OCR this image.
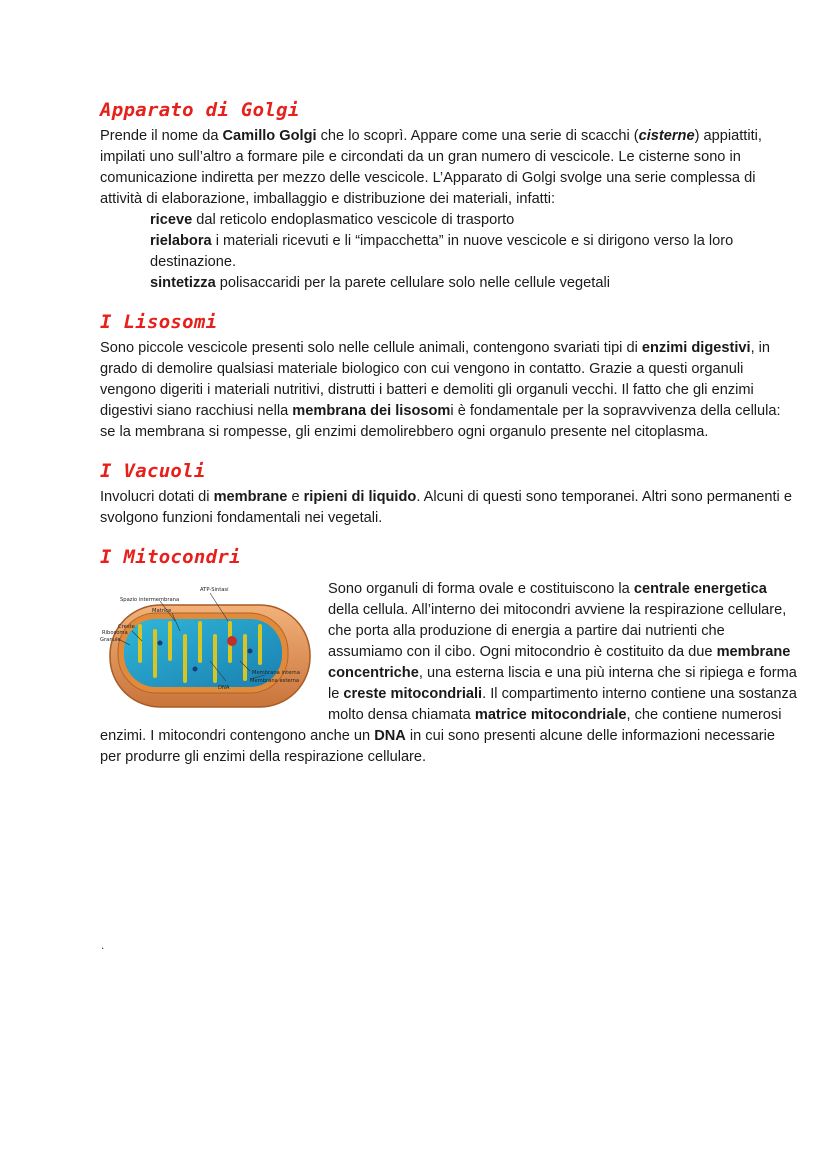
Apparato di Golgi

Prende il nome da Camillo Golgi che lo scoprì. Appare come una serie di scacchi (cisterne) appiattiti, impilati uno sull’altro a formare pile e circondati da un gran numero di vescicole. Le cisterne sono in comunicazione indiretta per mezzo delle vescicole. L’Apparato di Golgi svolge una serie complessa di attività di elaborazione, imballaggio e distribuzione dei materiali, infatti:

riceve dal reticolo endoplasmatico vescicole di trasporto
rielabora i materiali ricevuti e li “impacchetta” in nuove vescicole e si dirigono verso la loro destinazione.
sintetizza polisaccaridi per la parete cellulare solo nelle cellule vegetali
I Lisosomi

Sono piccole vescicole presenti solo nelle cellule animali, contengono svariati tipi di enzimi digestivi, in grado di demolire qualsiasi materiale biologico con cui vengono in contatto. Grazie a questi organuli vengono digeriti i materiali nutritivi, distrutti i batteri e demoliti gli organuli vecchi. Il fatto che gli enzimi digestivi siano racchiusi nella membrana dei lisosomi è fondamentale per la sopravvivenza della cellula: se la membrana si rompesse, gli enzimi demolirebbero ogni organulo presente nel citoplasma.

I Vacuoli

Involucri dotati di membrane e ripieni di liquido. Alcuni di questi sono temporanei. Altri sono permanenti e svolgono funzioni fondamentali nei vegetali.

I Mitocondri
ATP-Sintasi
Spazio intermembrana
Matrice
Creste
Ribosoma
Granulo
DNA
Membrana interna
Membrana esterna

Sono organuli di forma ovale e costituiscono la centrale energetica della cellula. All’interno dei mitocondri avviene la respirazione cellulare, che porta alla produzione di energia a partire dai nutrienti che assumiamo con il cibo. Ogni mitocondrio è costituito da due membrane concentriche, una esterna liscia e una più interna che si ripiega e forma le creste mitocondriali. Il compartimento interno contiene una sostanza molto densa chiamata matrice mitocondriale, che contiene numerosi enzimi. I mitocondri contengono anche un DNA in cui sono presenti alcune delle informazioni necessarie per produrre gli enzimi della respirazione cellulare.

.
